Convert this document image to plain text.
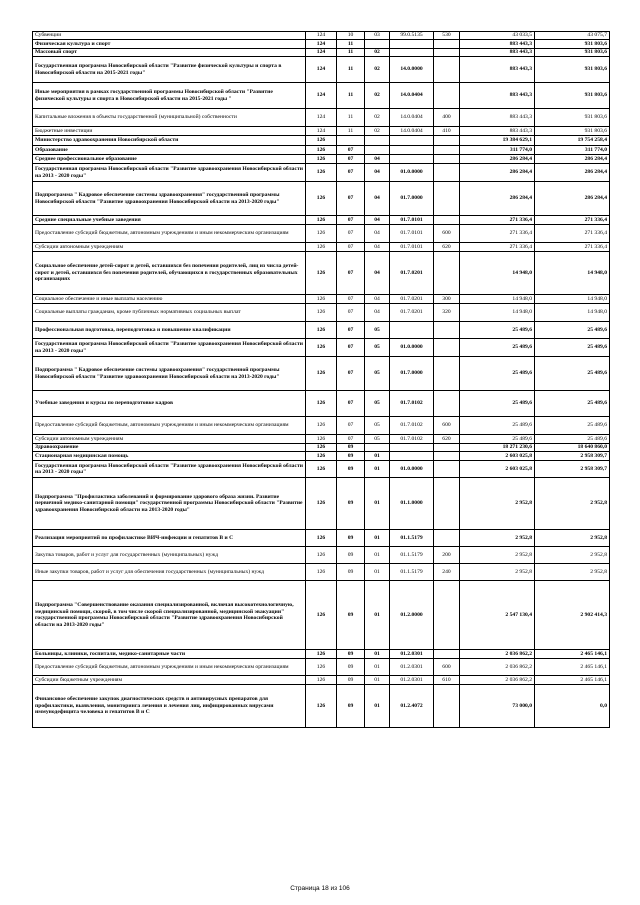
Субвенции	124	10	03	99.0.5135	530	43 033,5	43 075,7
Физическая культура и спорт	124	11				883 443,3	931 803,6
Массовый спорт	124	11	02			883 443,3	931 803,6
Государственная программа Новосибирской области "Развитие физической культуры и спорта в Новосибирской области на 2015-2021 годы"	124	11	02	14.0.0000		883 443,3	931 803,6
Иные мероприятия в рамках государственной программы Новосибирской области "Развитие физической культуры и спорта в Новосибирской области на 2015-2021 годы "	124	11	02	14.0.0404		883 443,3	931 803,6
Капитальные вложения в объекты государственной (муниципальной) собственности	124	11	02	14.0.0404	400	883 443,3	931 803,6
Бюджетные инвестиции	124	11	02	14.0.0404	410	883 443,3	931 803,6
Министерство здравоохранения Новосибирской области	126					19 384 629,1	19 754 258,4
Образование	126	07				311 774,0	311 774,0
Среднее профессиональное образование	126	07	04			286 284,4	286 284,4
Государственная программа Новосибирской области "Развитие здравоохранения Новосибирской области на 2013 - 2020 годы"	126	07	04	01.0.0000		286 284,4	286 284,4
Подпрограмма " Кадровое обеспечение системы здравоохранения" государственной программы Новосибирской области "Развитие здравоохранения Новосибирской области на 2013-2020 годы"	126	07	04	01.7.0000		286 284,4	286 284,4
Средние специальные учебные заведения	126	07	04	01.7.0101		271 336,4	271 336,4
Предоставление субсидий бюджетным, автономным учреждениям и иным некоммерческим организациям	126	07	04	01.7.0101	600	271 336,4	271 336,4
Субсидии автономным учреждениям	126	07	04	01.7.0101	620	271 336,4	271 336,4
Социальное обеспечение детей-сирот и детей, оставшихся без попечения родителей, лиц из числа детей-сирот и детей, оставшихся без попечения родителей, обучающихся в государственных образовательных организациях	126	07	04	01.7.0201		14 948,0	14 948,0
Социальное обеспечение и иные выплаты населению	126	07	04	01.7.0201	300	14 948,0	14 948,0
Социальные выплаты гражданам, кроме публичных нормативных социальных выплат	126	07	04	01.7.0201	320	14 948,0	14 948,0
Профессиональная подготовка, переподготовка и повышение квалификации	126	07	05			25 489,6	25 489,6
Государственная программа Новосибирской области "Развитие здравоохранения Новосибирской области на 2013 - 2020 годы"	126	07	05	01.0.0000		25 489,6	25 489,6
Подпрограмма " Кадровое обеспечение системы здравоохранения" государственной программы Новосибирской области "Развитие здравоохранения Новосибирской области на 2013-2020 годы"	126	07	05	01.7.0000		25 489,6	25 489,6
Учебные заведения и курсы по переподготовке кадров	126	07	05	01.7.0102		25 489,6	25 489,6
Предоставление субсидий бюджетным, автономным учреждениям и иным некоммерческим организациям	126	07	05	01.7.0102	600	25 489,6	25 489,6
Субсидии автономным учреждениям	126	07	05	01.7.0102	620	25 489,6	25 489,6
Здравоохранение	126	09				18 271 230,6	18 640 860,0
Стационарная медицинская помощь	126	09	01			2 603 025,8	2 958 309,7
Государственная программа Новосибирской области "Развитие здравоохранения Новосибирской области на 2013 - 2020 годы"	126	09	01	01.0.0000		2 603 025,8	2 958 309,7
Подпрограмма "Профилактика заболеваний и формирование здорового образа жизни. Развитие первичной медико-санитарной помощи" государственной программы Новосибирской области "Развитие здравоохранения Новосибирской области на 2013-2020 годы"	126	09	01	01.1.0000		2 952,8	2 952,8
Реализация мероприятий по профилактике ВИЧ-инфекции и гепатитов В и С	126	09	01	01.1.5179		2 952,8	2 952,8
Закупка товаров, работ и услуг для государственных (муниципальных) нужд	126	09	01	01.1.5179	200	2 952,8	2 952,8
Иные закупки товаров, работ и услуг для обеспечения государственных (муниципальных) нужд	126	09	01	01.1.5179	240	2 952,8	2 952,8
Подпрограмма "Совершенствование оказания специализированной, включая высокотехнологичную, медицинской помощи, скорой, в том числе скорой специализированной, медицинской эвакуации" государственной программы Новосибирской области "Развитие здравоохранения Новосибирской области на 2013-2020 годы"	126	09	01	01.2.0000		2 547 130,4	2 902 414,3
Больницы, клиники, госпитали, медико-санитарные части	126	09	01	01.2.0301		2 036 862,2	2 465 146,1
Предоставление субсидий бюджетным, автономным учреждениям и иным некоммерческим организациям	126	09	01	01.2.0301	600	2 036 862,2	2 465 146,1
Субсидии бюджетным учреждениям	126	09	01	01.2.0301	610	2 036 862,2	2 465 146,1
Финансовое обеспечение закупок диагностических средств и антивирусных препаратов для профилактики, выявления, мониторинга лечения и лечения лиц, инфицированных вирусами иммунодефицита человека и гепатитов В и С	126	09	01	01.2.4072		73 000,0	0,0
Страница 18 из 106
